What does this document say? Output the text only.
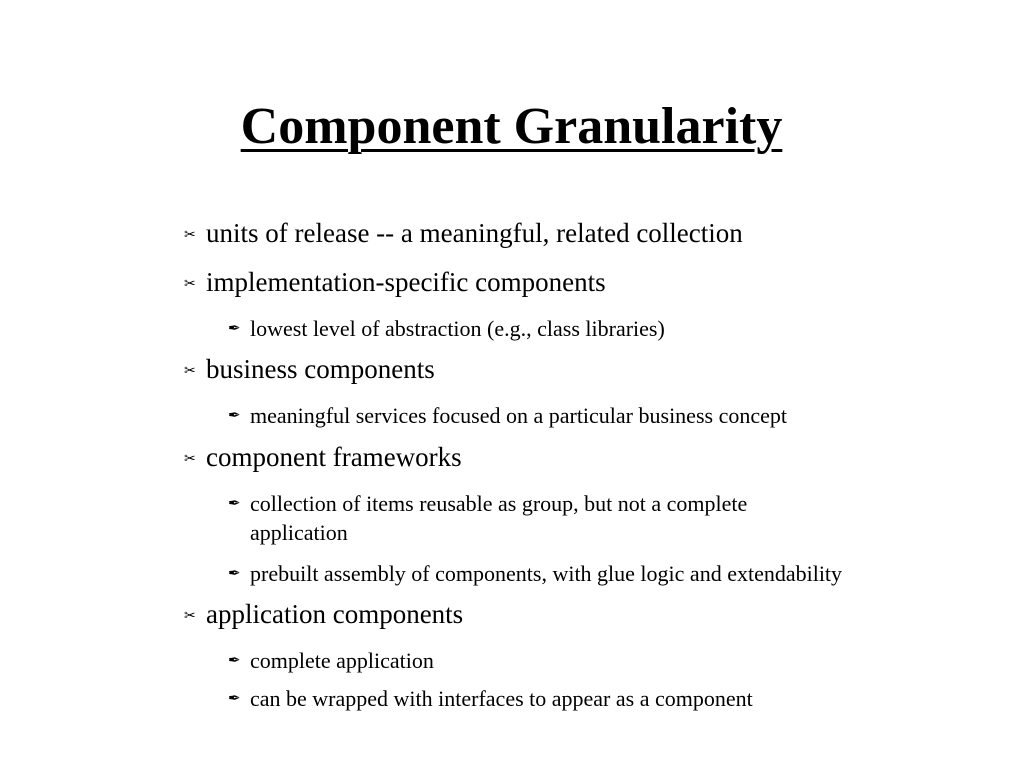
Component Granularity
✂ units of release -- a meaningful, related collection
✂ implementation-specific components
✒ lowest level of abstraction (e.g., class libraries)
✂ business components
✒ meaningful services focused on a particular business concept
✂ component frameworks
✒ collection of items reusable as group, but not a complete application
✒ prebuilt assembly of components, with glue logic and extendability
✂ application components
✒ complete application
✒ can be wrapped with interfaces to appear as a component
